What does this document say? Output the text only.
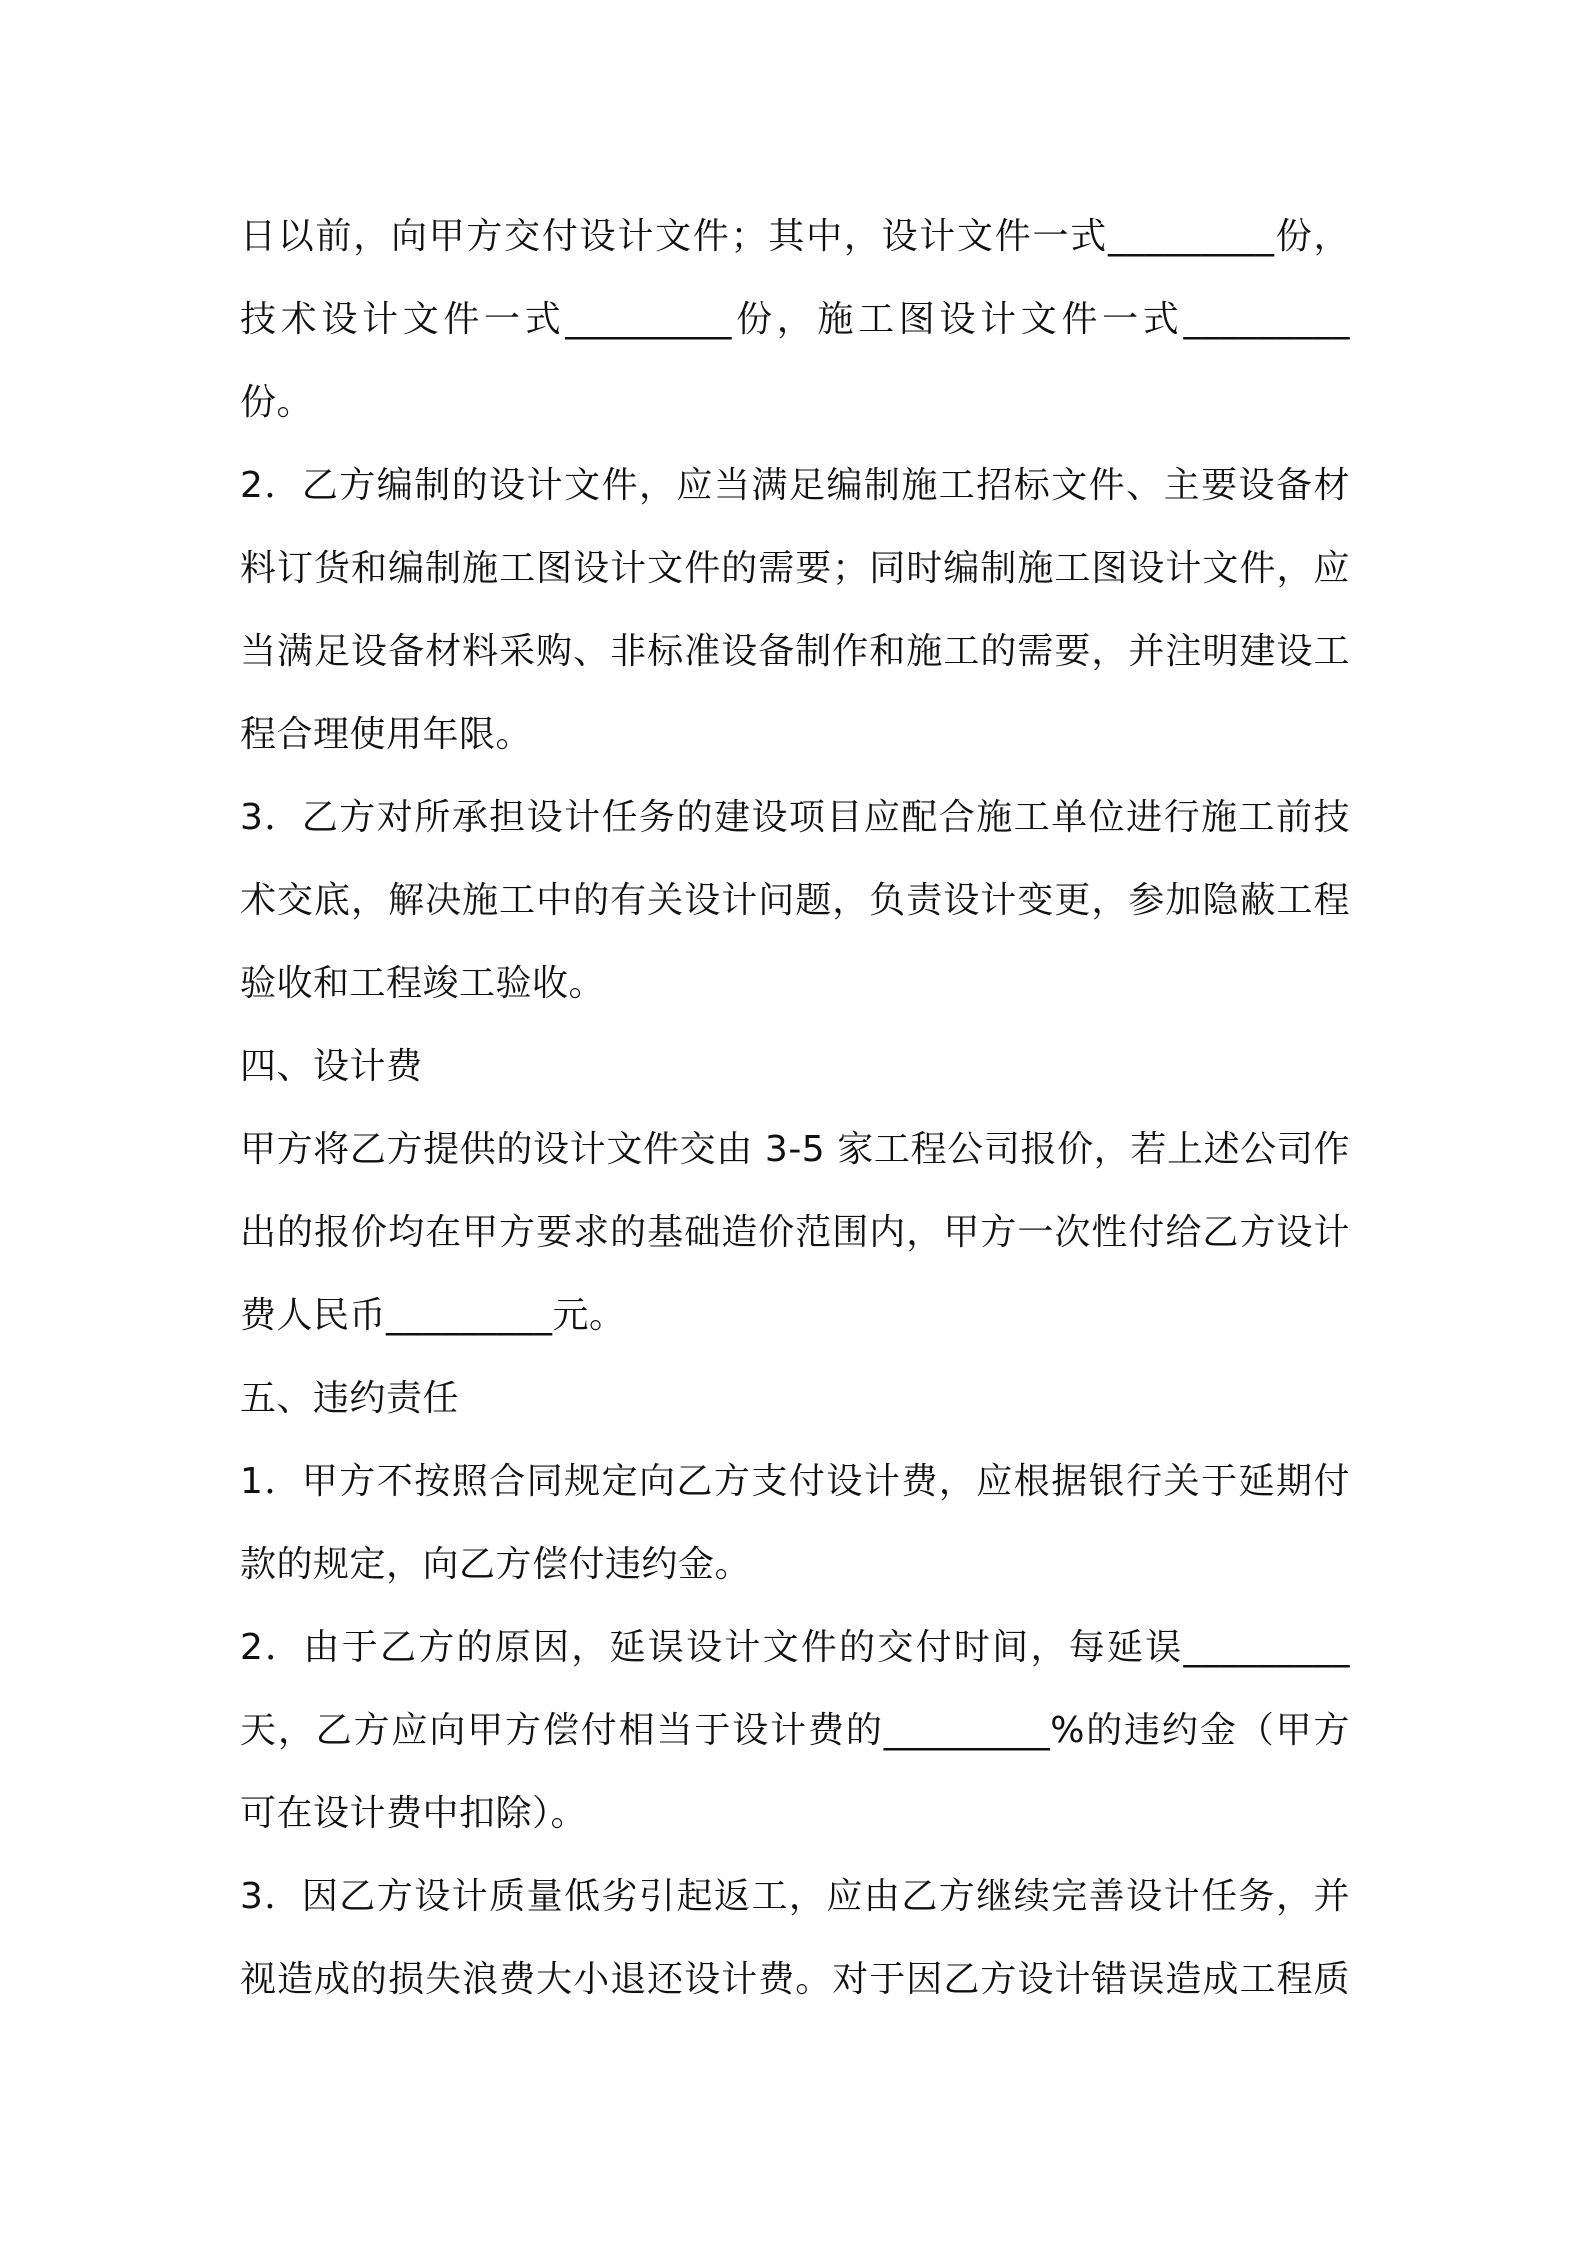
日以前，向甲方交付设计文件；其中，设计文件一式_________份，
技术设计文件一式_________份，施工图设计文件一式_________
份。
2．乙方编制的设计文件，应当满足编制施工招标文件、主要设备材
料订货和编制施工图设计文件的需要；同时编制施工图设计文件，应
当满足设备材料采购、非标准设备制作和施工的需要，并注明建设工
程合理使用年限。
3．乙方对所承担设计任务的建设项目应配合施工单位进行施工前技
术交底，解决施工中的有关设计问题，负责设计变更，参加隐蔽工程
验收和工程竣工验收。
四、设计费
甲方将乙方提供的设计文件交由 3-5 家工程公司报价，若上述公司作
出的报价均在甲方要求的基础造价范围内，甲方一次性付给乙方设计
费人民币_________元。
五、违约责任
1．甲方不按照合同规定向乙方支付设计费，应根据银行关于延期付
款的规定，向乙方偿付违约金。
2．由于乙方的原因，延误设计文件的交付时间，每延误_________
天，乙方应向甲方偿付相当于设计费的_________%的违约金（甲方
可在设计费中扣除）。
3．因乙方设计质量低劣引起返工，应由乙方继续完善设计任务，并
视造成的损失浪费大小退还设计费。对于因乙方设计错误造成工程质
